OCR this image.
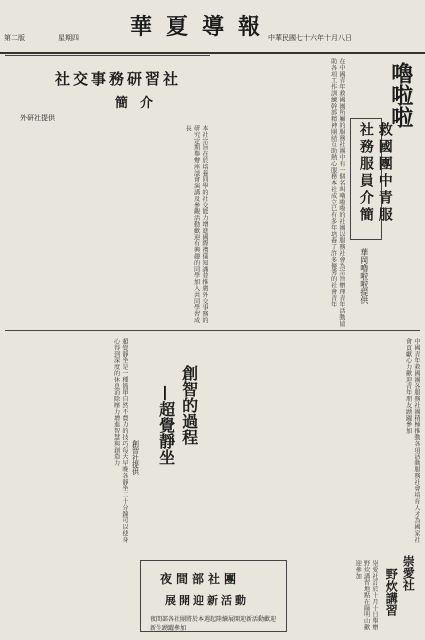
華夏導報
中華民國七十六年十月八日
星期四
第二版
嚕啦啦
救國團中青服社務服員介簡
華岡嚕啦啦提供
在中國青年救國團所屬的服務社團中有一個名叫嚕啦啦的社團以服務社會為宗旨辦理青年活動協助各項工作訓練幹部精神團結互助熱心服務本社成立已有多年培養了許多優秀的社會青年
社交事務研習社
簡介
外研社提供
本社宗旨在於培養同學的社交能力增進國際禮儀知識並推廣外交事務的研究定期舉辦座談會演講及參觀活動歡迎有興趣的同學加入共同學習成長
創智的過程
—超覺靜坐
創智社提供
超覺靜坐是一種簡單自然不費力的技巧每天早晚各靜坐二十分鐘可以使身心得到深度的休息消除壓力增進智慧與創造力	中國青年救國團各服務社團積極推動各項活動服務社會培育人才為國家社會貢獻心力歡迎青年朋友踴躍參加
夜間部社團
展開迎新活動
夜間部各社團將於本週起陸續展開迎新活動歡迎新生踴躍參加
崇愛社
野炊講習
崇愛社訂於十月十日舉辦野炊講習地點在陽明山歡迎參加
